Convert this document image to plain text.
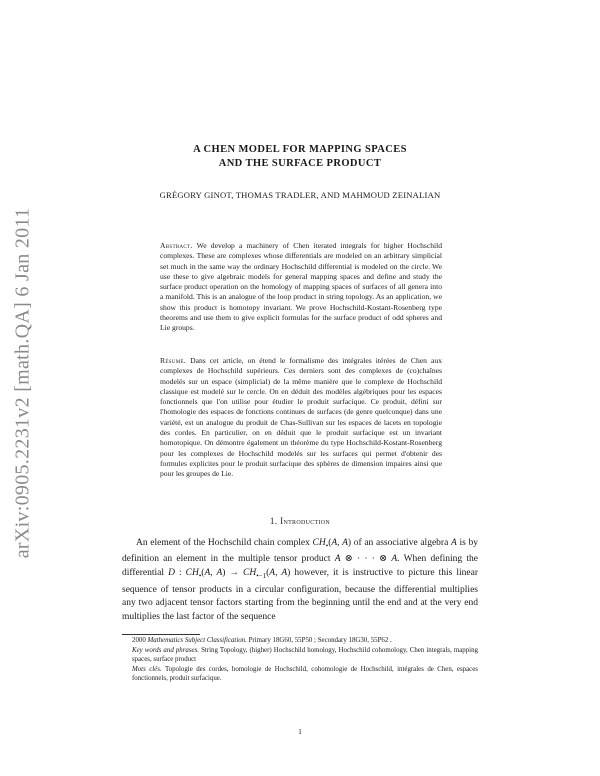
arXiv:0905.2231v2 [math.QA] 6 Jan 2011
A CHEN MODEL FOR MAPPING SPACES
AND THE SURFACE PRODUCT
GRÉGORY GINOT, THOMAS TRADLER, AND MAHMOUD ZEINALIAN
Abstract. We develop a machinery of Chen iterated integrals for higher Hochschild complexes. These are complexes whose differentials are modeled on an arbitrary simplicial set much in the same way the ordinary Hochschild differential is modeled on the circle. We use these to give algebraic models for general mapping spaces and define and study the surface product operation on the homology of mapping spaces of surfaces of all genera into a manifold. This is an analogue of the loop product in string topology. As an application, we show this product is homotopy invariant. We prove Hochschild-Kostant-Rosenberg type theorems and use them to give explicit formulas for the surface product of odd spheres and Lie groups.
Résumé. Dans cet article, on étend le formalisme des intégrales itérées de Chen aux complexes de Hochschild supérieurs. Ces derniers sont des complexes de (co)chaînes modelés sur un espace (simplicial) de la même manière que le complexe de Hochschild classique est modelé sur le cercle. On en déduit des modèles algébriques pour les espaces fonctionnels que l'on utilise pour étudier le produit surfacique. Ce produit, défini sur l'homologie des espaces de fonctions continues de surfaces (de genre quelconque) dans une variété, est un analogue du produit de Chas-Sullivan sur les espaces de lacets en topologie des cordes. En particulier, on en déduit que le produit surfacique est un invariant homotopique. On démontre également un théorème du type Hochschild-Kostant-Rosenberg pour les complexes de Hochschild modelés sur les surfaces qui permet d'obtenir des formules explicites pour le produit surfacique des sphères de dimension impaires ainsi que pour les groupes de Lie.
1. Introduction

An element of the Hochschild chain complex $CH_•(A$, A) of an associative algebra A is by definition an element in the multiple tensor product A ⊗ · · · ⊗ A. When defining the differential D : $CH_•(A$, $A) \to CH_{•-1}(A$, A) however, it is instructive to picture this linear sequence of tensor products in a circular configuration, because the differential multiplies any two adjacent tensor factors starting from the beginning until the end and at the very end multiplies the last factor of the sequence

2000 Mathematics Subject Classification. Primary 18G60, 55P50 ; Secondary 18G30, 55P62 .
Key words and phrases. String Topology, (higher) Hochschild homology, Hochschild cohomology, Chen integrals, mapping spaces, surface product
Mots clés. Topologie des cordes, homologie de Hochschild, cohomologie de Hochschild, intégrales de Chen, espaces fonctionnels, produit surfacique.
1
